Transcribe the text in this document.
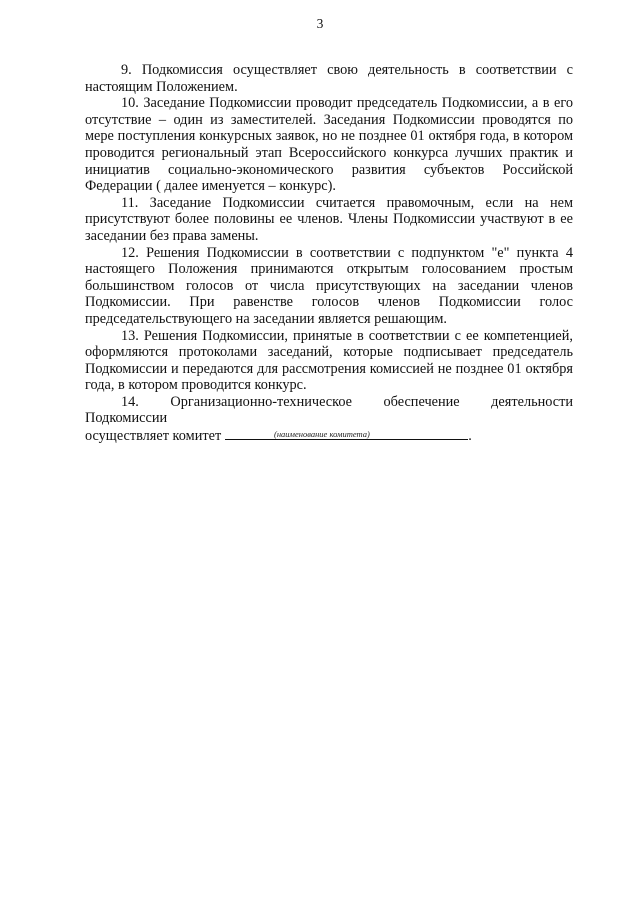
3

9. Подкомиссия осуществляет свою деятельность в соответствии с настоящим Положением.

10. Заседание Подкомиссии проводит председатель Подкомиссии, а в его отсутствие – один из заместителей. Заседания Подкомиссии проводятся по мере поступления конкурсных заявок, но не позднее 01 октября года, в котором проводится региональный этап Всероссийского конкурса лучших практик и инициатив социально-экономического развития субъектов Российской Федерации ( далее именуется – конкурс).

11. Заседание Подкомиссии считается правомочным, если на нем присутствуют более половины ее членов. Члены Подкомиссии участвуют в ее заседании без права замены.

12. Решения Подкомиссии в соответствии с подпунктом "е" пункта 4 настоящего Положения принимаются открытым голосованием простым большинством голосов от числа присутствующих на заседании членов Подкомиссии. При равенстве голосов членов Подкомиссии голос председательствующего на заседании является решающим.

13. Решения Подкомиссии, принятые в соответствии с ее компетенцией, оформляются протоколами заседаний, которые подписывает председатель Подкомиссии и передаются для рассмотрения комиссией не позднее 01 октября года, в котором проводится конкурс.

14. Организационно-техническое обеспечение деятельности Подкомиссии

осуществляет комитет	.

(наименование комитета)
